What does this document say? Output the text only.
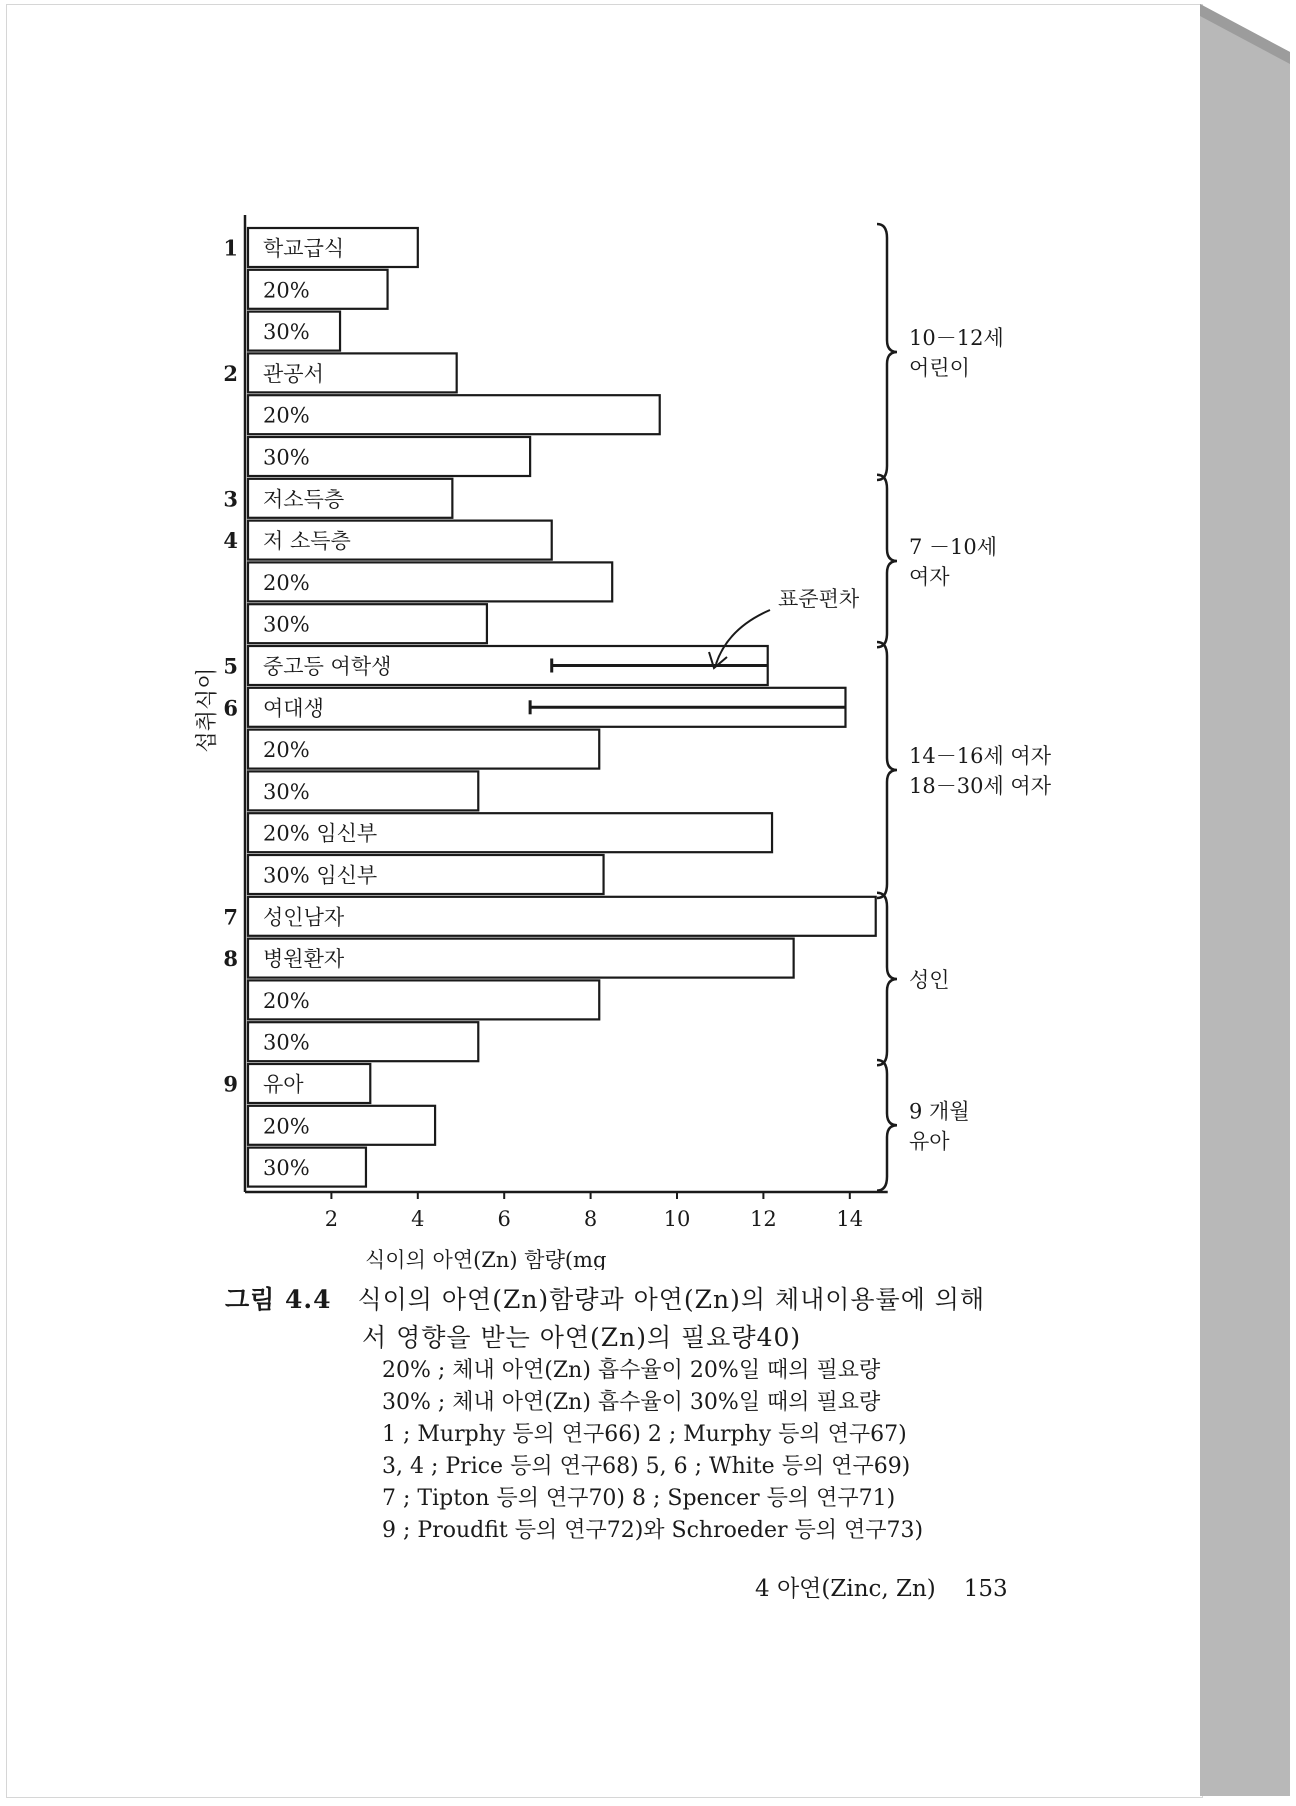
학교급식
1
20%
30%
관공서
2
20%
30%
저소득층
3
저 소득층
4
20%
30%
중고등 여학생
5
여대생
6
20%
30%
20% 임신부
30% 임신부
성인남자
7
병원환자
8
20%
30%
유아
9
20%
30%
2	4	6	8	10	12	14
식이의 아연(Zn) 함량(mg
섭취식이
10－12세
어린이
7 －10세
여자
14－16세 여자
18－30세 여자
성인
9 개월
유아
표준편차
그림 4.4 식이의 아연(Zn)함량과 아연(Zn)의 체내이용률에 의해
서 영향을 받는 아연(Zn)의 필요량40)
20% ; 체내 아연(Zn) 흡수율이 20%일 때의 필요량
30% ; 체내 아연(Zn) 흡수율이 30%일 때의 필요량
1 ; Murphy 등의 연구66) 2 ; Murphy 등의 연구67)
3, 4 ; Price 등의 연구68) 5, 6 ; White 등의 연구69)
7 ; Tipton 등의 연구70) 8 ; Spencer 등의 연구71)
9 ; Proudfit 등의 연구72)와 Schroeder 등의 연구73)
4 아연(Zinc, Zn) 153
